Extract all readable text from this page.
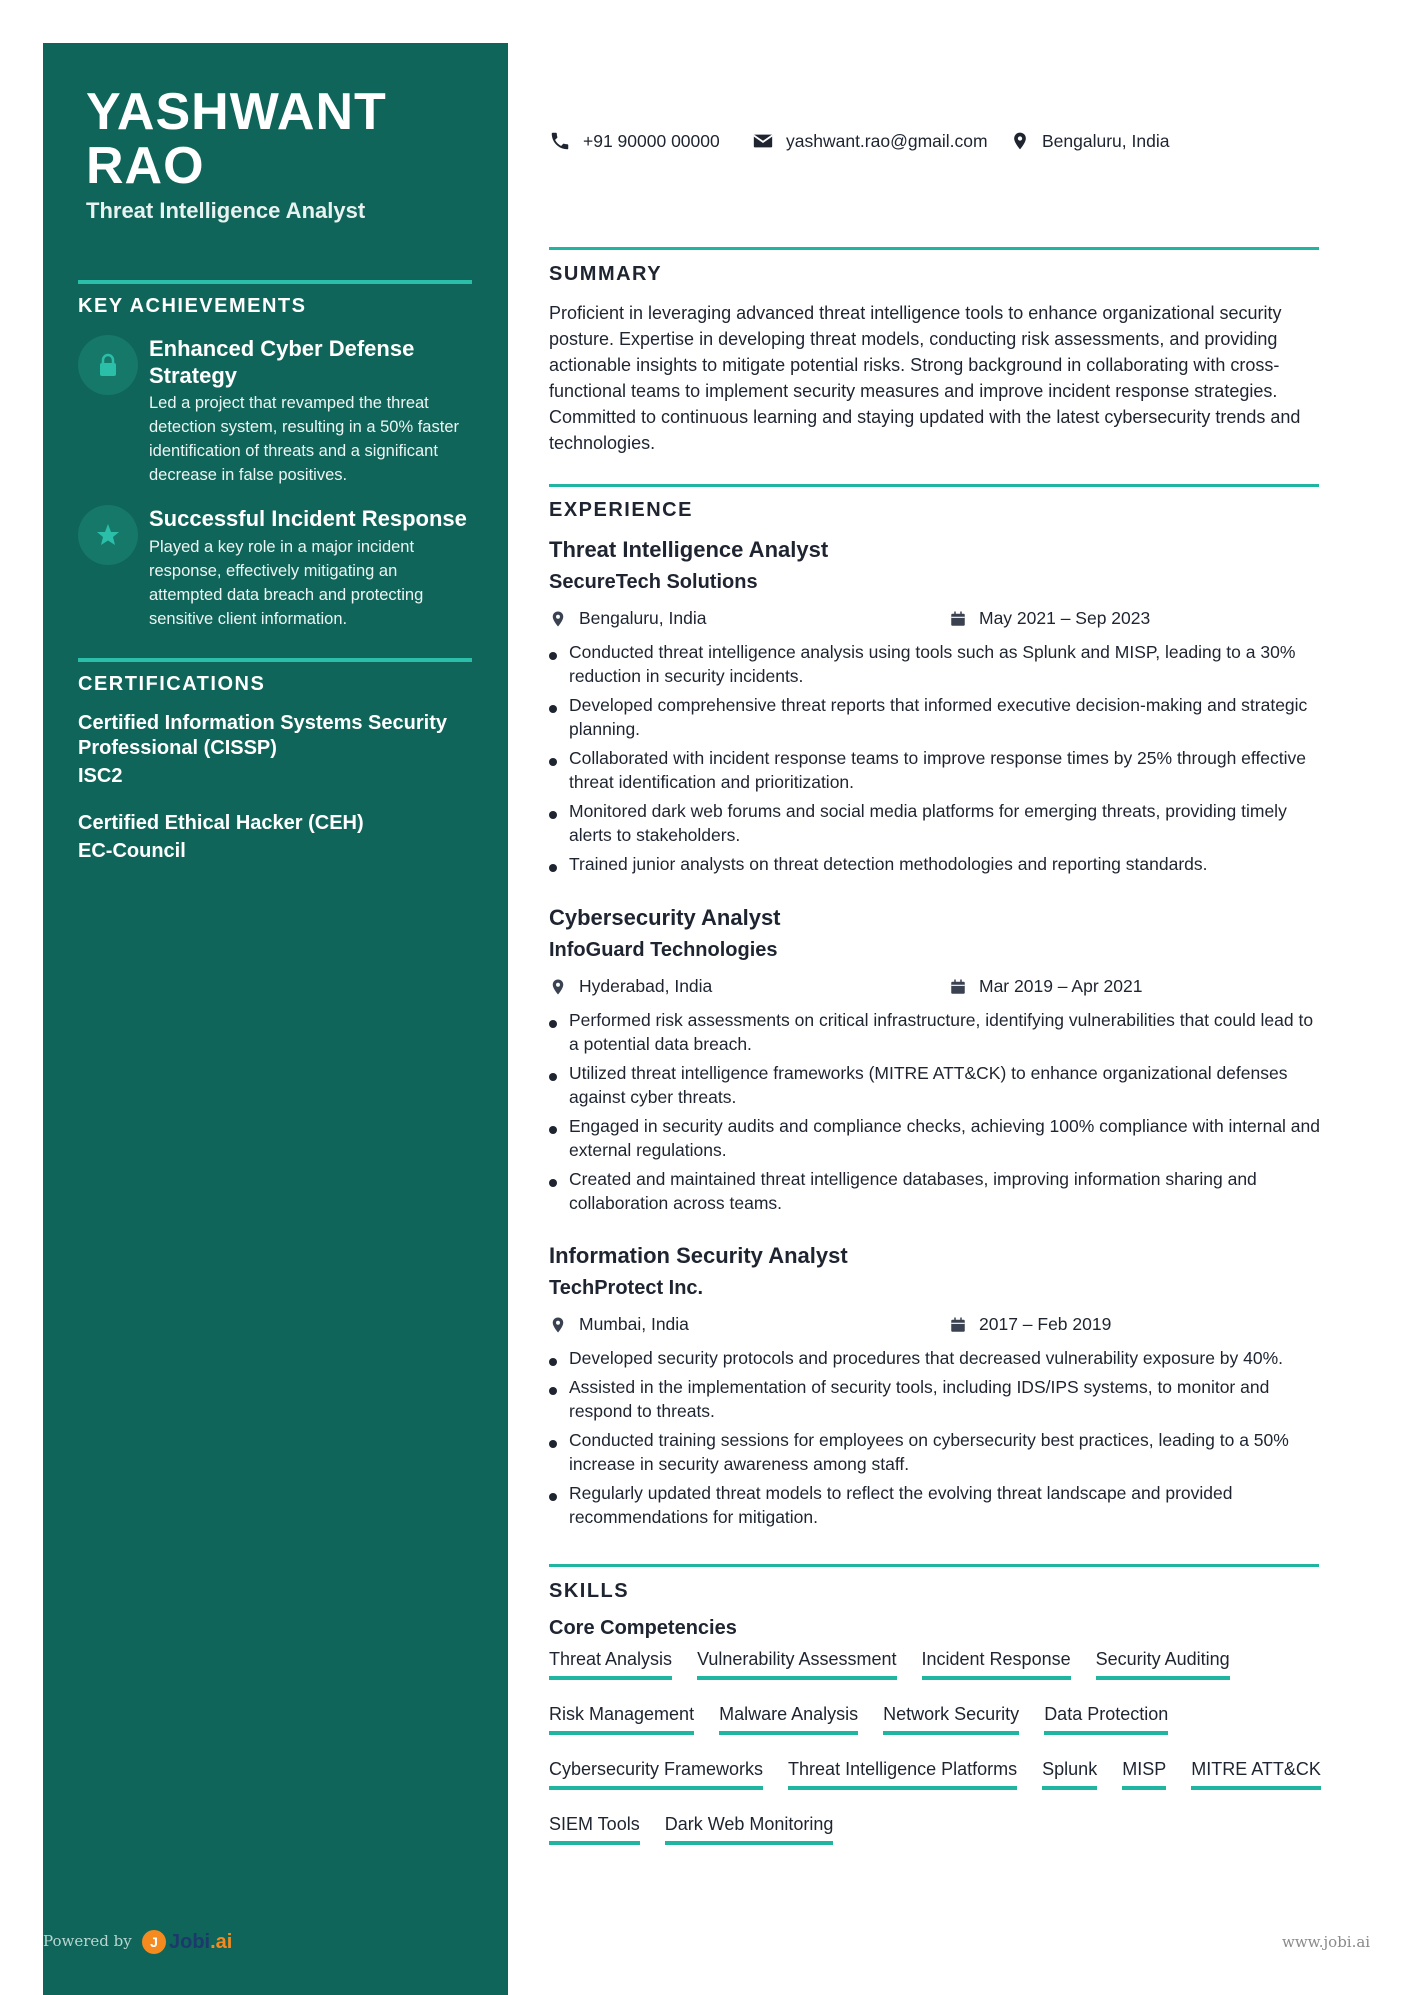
YASHWANT
RAO
Threat Intelligence Analyst
KEY ACHIEVEMENTS
Enhanced Cyber Defense Strategy
Led a project that revamped the threat detection system, resulting in a 50% faster identification of threats and a significant decrease in false positives.
Successful Incident Response
Played a key role in a major incident response, effectively mitigating an attempted data breach and protecting sensitive client information.
CERTIFICATIONS
Certified Information Systems Security Professional (CISSP)
ISC2
Certified Ethical Hacker (CEH)
EC-Council
Powered by	J Jobi .ai	www.jobi.ai
+91 90000 00000	yashwant.rao@gmail.com	Bengaluru, India
SUMMARY
Proficient in leveraging advanced threat intelligence tools to enhance organizational security posture. Expertise in developing threat models, conducting risk assessments, and providing actionable insights to mitigate potential risks. Strong background in collaborating with cross-functional teams to implement security measures and improve incident response strategies. Committed to continuous learning and staying updated with the latest cybersecurity trends and technologies.
EXPERIENCE
Threat Intelligence Analyst
SecureTech Solutions
Bengaluru, India	May 2021 – Sep 2023
Conducted threat intelligence analysis using tools such as Splunk and MISP, leading to a 30% reduction in security incidents.
Developed comprehensive threat reports that informed executive decision-making and strategic planning.
Collaborated with incident response teams to improve response times by 25% through effective threat identification and prioritization.
Monitored dark web forums and social media platforms for emerging threats, providing timely alerts to stakeholders.
Trained junior analysts on threat detection methodologies and reporting standards.
Cybersecurity Analyst
InfoGuard Technologies
Hyderabad, India	Mar 2019 – Apr 2021
Performed risk assessments on critical infrastructure, identifying vulnerabilities that could lead to a potential data breach.
Utilized threat intelligence frameworks (MITRE ATT&CK) to enhance organizational defenses against cyber threats.
Engaged in security audits and compliance checks, achieving 100% compliance with internal and external regulations.
Created and maintained threat intelligence databases, improving information sharing and collaboration across teams.
Information Security Analyst
TechProtect Inc.
Mumbai, India	2017 – Feb 2019
Developed security protocols and procedures that decreased vulnerability exposure by 40%.
Assisted in the implementation of security tools, including IDS/IPS systems, to monitor and respond to threats.
Conducted training sessions for employees on cybersecurity best practices, leading to a 50% increase in security awareness among staff.
Regularly updated threat models to reflect the evolving threat landscape and provided recommendations for mitigation.
SKILLS
Core Competencies
Threat Analysis Vulnerability Assessment Incident Response Security Auditing
Risk Management Malware Analysis Network Security Data Protection
Cybersecurity Frameworks Threat Intelligence Platforms Splunk MISP MITRE ATT&CK
SIEM Tools Dark Web Monitoring
